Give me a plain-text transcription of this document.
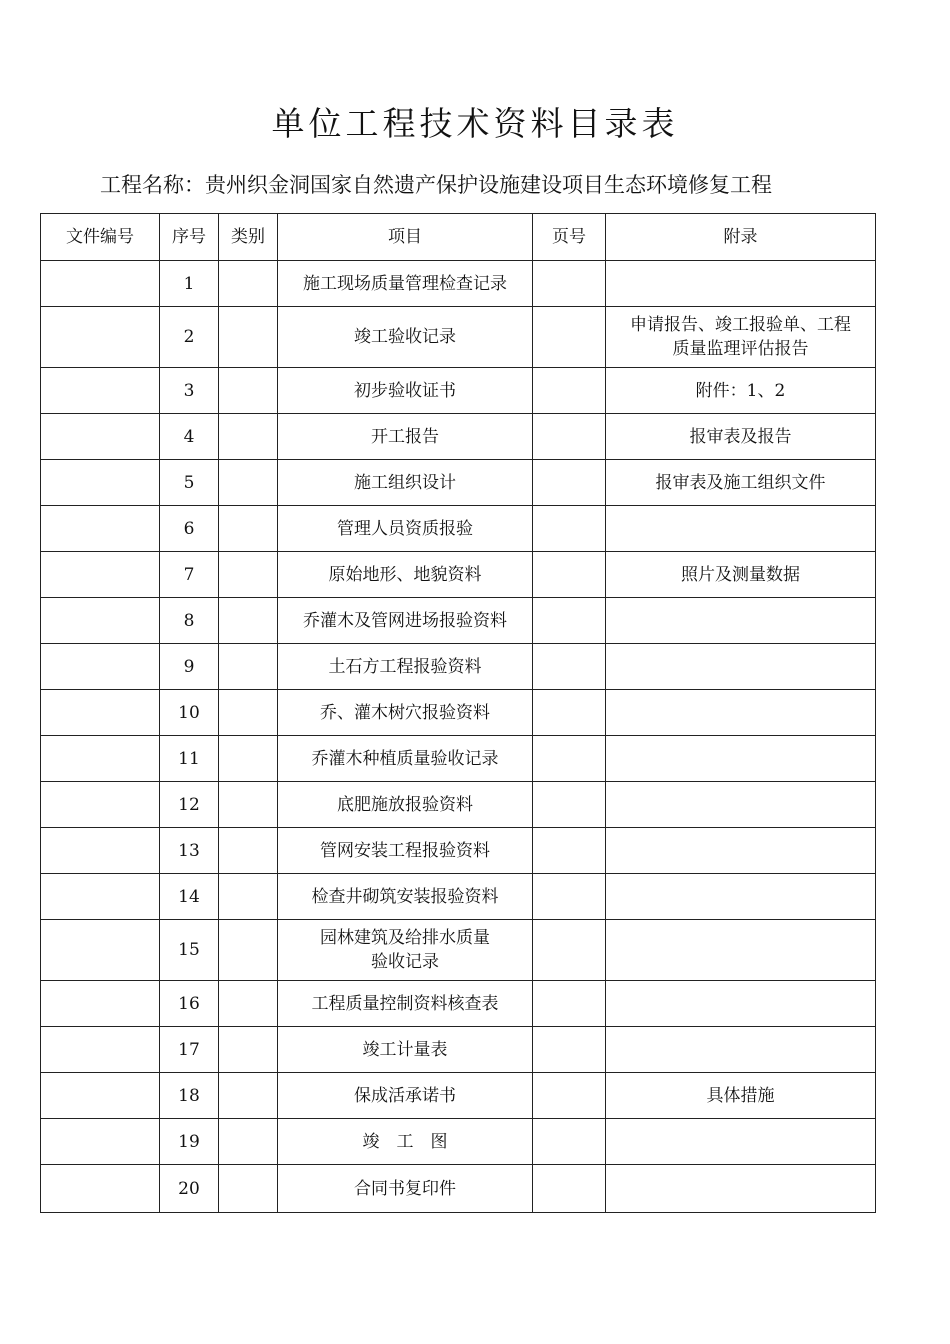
单位工程技术资料目录表
工程名称：贵州织金洞国家自然遗产保护设施建设项目生态环境修复工程
文件编号	序号	类别	项目	页号	附录
	1		施工现场质量管理检查记录		
	2		竣工验收记录		申请报告、竣工报验单、工程
质量监理评估报告
	3		初步验收证书		附件：1、2
	4		开工报告		报审表及报告
	5		施工组织设计		报审表及施工组织文件
	6		管理人员资质报验		
	7		原始地形、地貌资料		照片及测量数据
	8		乔灌木及管网进场报验资料		
	9		土石方工程报验资料		
	10		乔、灌木树穴报验资料		
	11		乔灌木种植质量验收记录		
	12		底肥施放报验资料		
	13		管网安装工程报验资料		
	14		检查井砌筑安装报验资料		
	15		园林建筑及给排水质量
验收记录		
	16		工程质量控制资料核查表		
	17		竣工计量表		
	18		保成活承诺书		具体措施
	19		竣　工　图		
	20		合同书复印件		
